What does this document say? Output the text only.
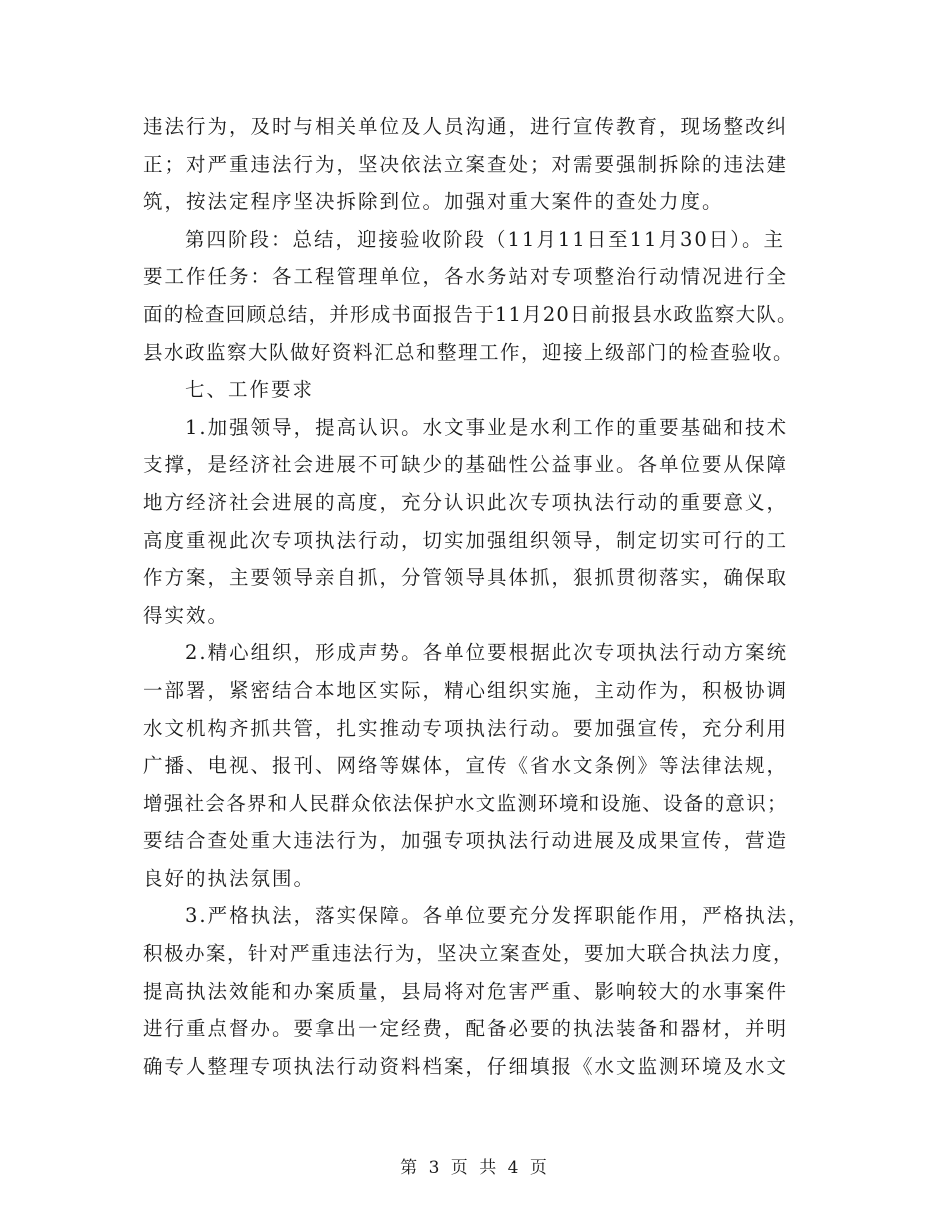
违法行为，及时与相关单位及人员沟通，进行宣传教育，现场整改纠
正；对严重违法行为，坚决依法立案查处；对需要强制拆除的违法建
筑，按法定程序坚决拆除到位。加强对重大案件的查处力度。
第四阶段：总结，迎接验收阶段（11月11日至11月30日）。主
要工作任务：各工程管理单位，各水务站对专项整治行动情况进行全
面的检查回顾总结，并形成书面报告于11月20日前报县水政监察大队。
县水政监察大队做好资料汇总和整理工作，迎接上级部门的检查验收。
七、工作要求
1.加强领导，提高认识。水文事业是水利工作的重要基础和技术
支撑，是经济社会进展不可缺少的基础性公益事业。各单位要从保障
地方经济社会进展的高度，充分认识此次专项执法行动的重要意义，
高度重视此次专项执法行动，切实加强组织领导，制定切实可行的工
作方案，主要领导亲自抓，分管领导具体抓，狠抓贯彻落实，确保取
得实效。
2.精心组织，形成声势。各单位要根据此次专项执法行动方案统
一部署，紧密结合本地区实际，精心组织实施，主动作为，积极协调
水文机构齐抓共管，扎实推动专项执法行动。要加强宣传，充分利用
广播、电视、报刊、网络等媒体，宣传《省水文条例》等法律法规，
增强社会各界和人民群众依法保护水文监测环境和设施、设备的意识；
要结合查处重大违法行为，加强专项执法行动进展及成果宣传，营造
良好的执法氛围。
3.严格执法，落实保障。各单位要充分发挥职能作用，严格执法，
积极办案，针对严重违法行为，坚决立案查处，要加大联合执法力度，
提高执法效能和办案质量，县局将对危害严重、影响较大的水事案件
进行重点督办。要拿出一定经费，配备必要的执法装备和器材，并明
确专人整理专项执法行动资料档案，仔细填报《水文监测环境及水文
第 3 页 共 4 页
